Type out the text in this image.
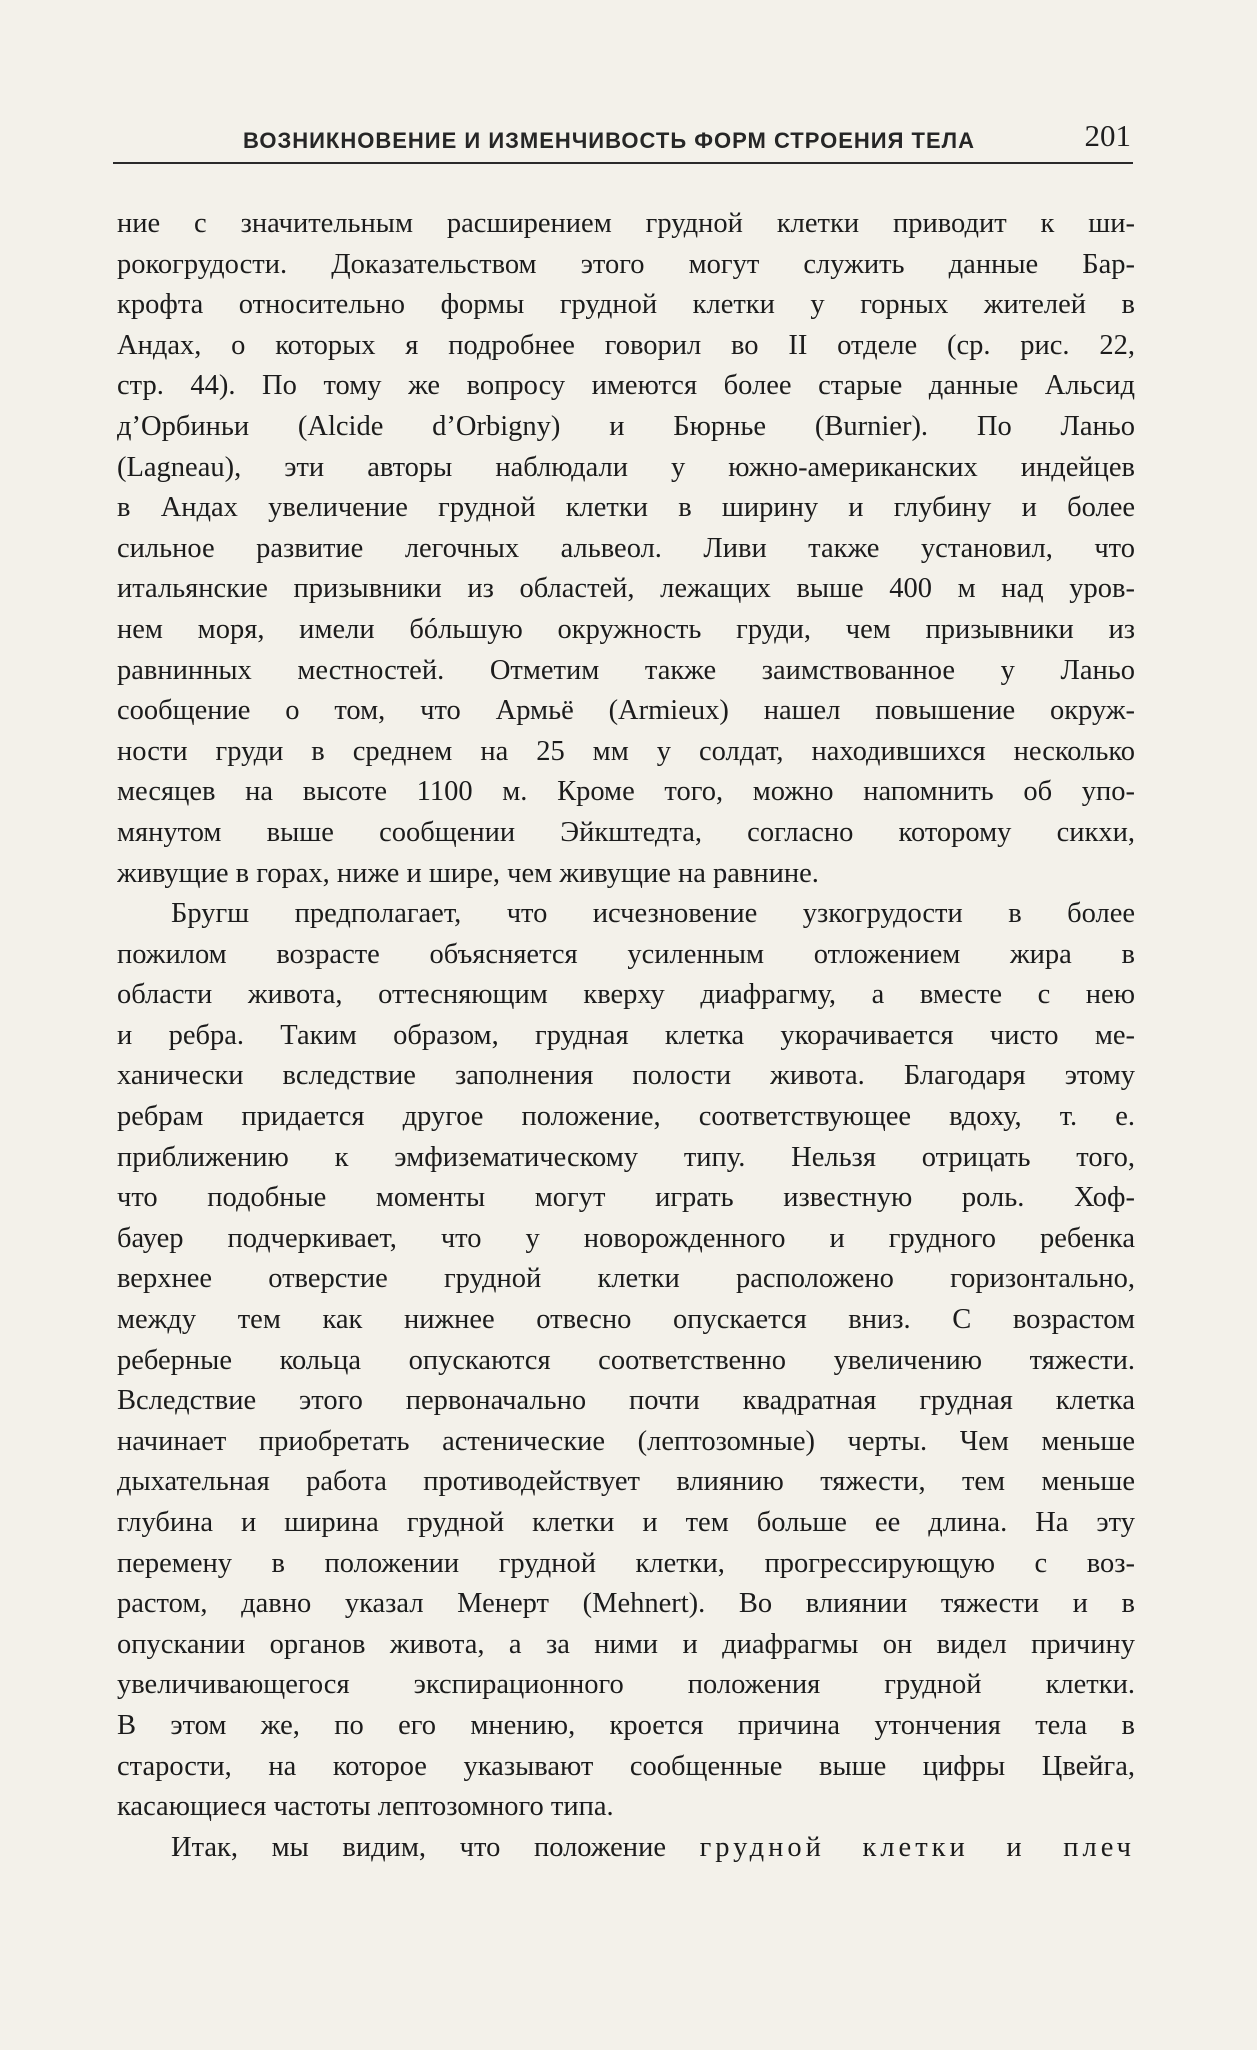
ВОЗНИКНОВЕНИЕ И ИЗМЕНЧИВОСТЬ ФОРМ СТРОЕНИЯ ТЕЛА	201
ние с значительным расширением грудной клетки приводит к ши-
рокогрудости. Доказательством этого могут служить данные Бар-
крофта относительно формы грудной клетки у горных жителей в
Андах, о которых я подробнее говорил во II отделе (ср. рис. 22,
стр. 44). По тому же вопросу имеются более старые данные Альсид
д’Орбиньи (Alcide d’Orbigny) и Бюрнье (Burnier). По Ланьо
(Lagneau), эти авторы наблюдали у южно-американских индейцев
в Андах увеличение грудной клетки в ширину и глубину и более
сильное развитие легочных альвеол. Ливи также установил, что
итальянские призывники из областей, лежащих выше 400 м над уров-
нем моря, имели бóльшую окружность груди, чем призывники из
равнинных местностей. Отметим также заимствованное у Ланьо
сообщение о том, что Армьё (Armieux) нашел повышение окруж-
ности груди в среднем на 25 мм у солдат, находившихся несколько
месяцев на высоте 1100 м. Кроме того, можно напомнить об упо-
мянутом выше сообщении Эйкштедта, согласно которому сикхи,
живущие в горах, ниже и шире, чем живущие на равнине.
Бругш предполагает, что исчезновение узкогрудости в более
пожилом возрасте объясняется усиленным отложением жира в
области живота, оттесняющим кверху диафрагму, а вместе с нею
и ребра. Таким образом, грудная клетка укорачивается чисто ме-
ханически вследствие заполнения полости живота. Благодаря этому
ребрам придается другое положение, соответствующее вдоху, т. е.
приближению к эмфизематическому типу. Нельзя отрицать того,
что подобные моменты могут играть известную роль. Хоф-
бауер подчеркивает, что у новорожденного и грудного ребенка
верхнее отверстие грудной клетки расположено горизонтально,
между тем как нижнее отвесно опускается вниз. С возрастом
реберные кольца опускаются соответственно увеличению тяжести.
Вследствие этого первоначально почти квадратная грудная клетка
начинает приобретать астенические (лептозомные) черты. Чем меньше
дыхательная работа противодействует влиянию тяжести, тем меньше
глубина и ширина грудной клетки и тем больше ее длина. На эту
перемену в положении грудной клетки, прогрессирующую с воз-
растом, давно указал Менерт (Mehnert). Во влиянии тяжести и в
опускании органов живота, а за ними и диафрагмы он видел причину
увеличивающегося экспирационного положения грудной клетки.
В этом же, по его мнению, кроется причина утончения тела в
старости, на которое указывают сообщенные выше цифры Цвейга,
касающиеся частоты лептозомного типа.
Итак, мы видим, что положение грудной клетки и плеч
